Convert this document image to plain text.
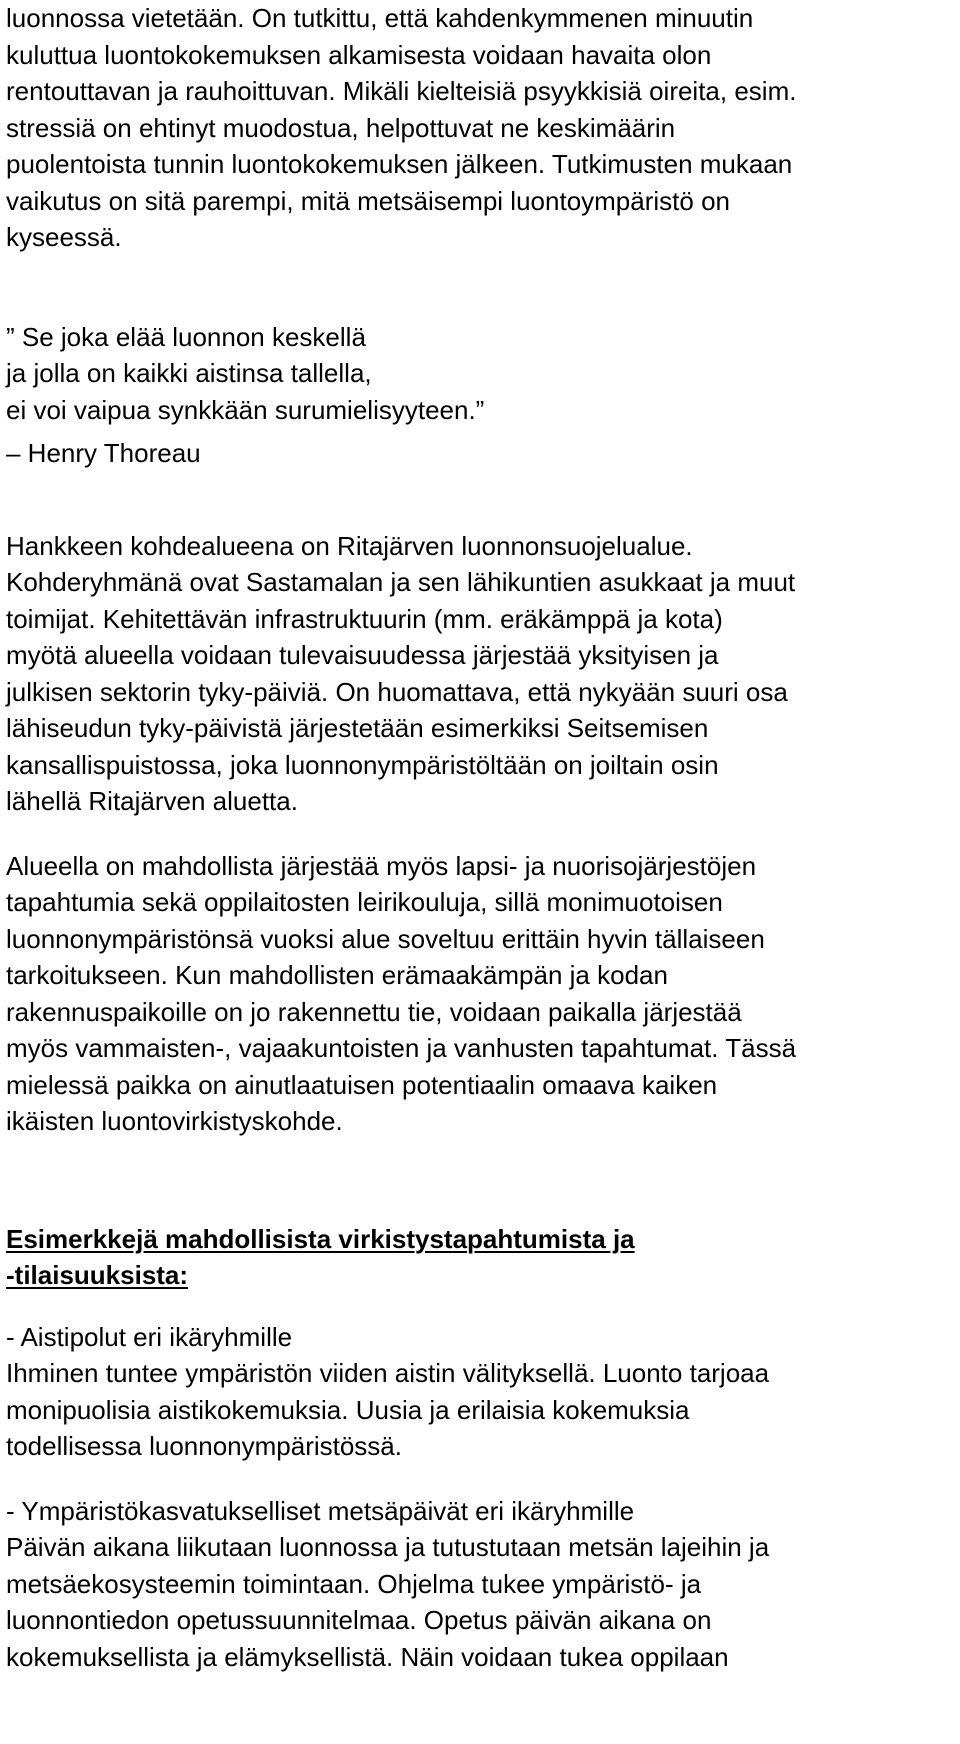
luonnossa vietetään. On tutkittu, että kahdenkymmenen minuutin
kuluttua luontokokemuksen alkamisesta voidaan havaita olon
rentouttavan ja rauhoittuvan. Mikäli kielteisiä psyykkisiä oireita, esim.
stressiä on ehtinyt muodostua, helpottuvat ne keskimäärin
puolentoista tunnin luontokokemuksen jälkeen. Tutkimusten mukaan
vaikutus on sitä parempi, mitä metsäisempi luontoympäristö on
kyseessä.
” Se joka elää luonnon keskellä
ja jolla on kaikki aistinsa tallella,
ei voi vaipua synkkään surumielisyyteen.”
– Henry Thoreau
Hankkeen kohdealueena on Ritajärven luonnonsuojelualue.
Kohderyhmänä ovat Sastamalan ja sen lähikuntien asukkaat ja muut
toimijat. Kehitettävän infrastruktuurin (mm. eräkämppä ja kota)
myötä alueella voidaan tulevaisuudessa järjestää yksityisen ja
julkisen sektorin tyky-päiviä. On huomattava, että nykyään suuri osa
lähiseudun tyky-päivistä järjestetään esimerkiksi Seitsemisen
kansallispuistossa, joka luonnonympäristöltään on joiltain osin
lähellä Ritajärven aluetta.
Alueella on mahdollista järjestää myös lapsi- ja nuorisojärjestöjen
tapahtumia sekä oppilaitosten leirikouluja, sillä monimuotoisen
luonnonympäristönsä vuoksi alue soveltuu erittäin hyvin tällaiseen
tarkoitukseen. Kun mahdollisten erämaakämpän ja kodan
rakennuspaikoille on jo rakennettu tie, voidaan paikalla järjestää
myös vammaisten-, vajaakuntoisten ja vanhusten tapahtumat. Tässä
mielessä paikka on ainutlaatuisen potentiaalin omaava kaiken
ikäisten luontovirkistyskohde.
Esimerkkejä mahdollisista virkistystapahtumista ja
-tilaisuuksista:
- Aistipolut eri ikäryhmille
Ihminen tuntee ympäristön viiden aistin välityksellä. Luonto tarjoaa
monipuolisia aistikokemuksia. Uusia ja erilaisia kokemuksia
todellisessa luonnonympäristössä.
- Ympäristökasvatukselliset metsäpäivät eri ikäryhmille
Päivän aikana liikutaan luonnossa ja tutustutaan metsän lajeihin ja
metsäekosysteemin toimintaan. Ohjelma tukee ympäristö- ja
luonnontiedon opetussuunnitelmaa. Opetus päivän aikana on
kokemuksellista ja elämyksellistä. Näin voidaan tukea oppilaan
